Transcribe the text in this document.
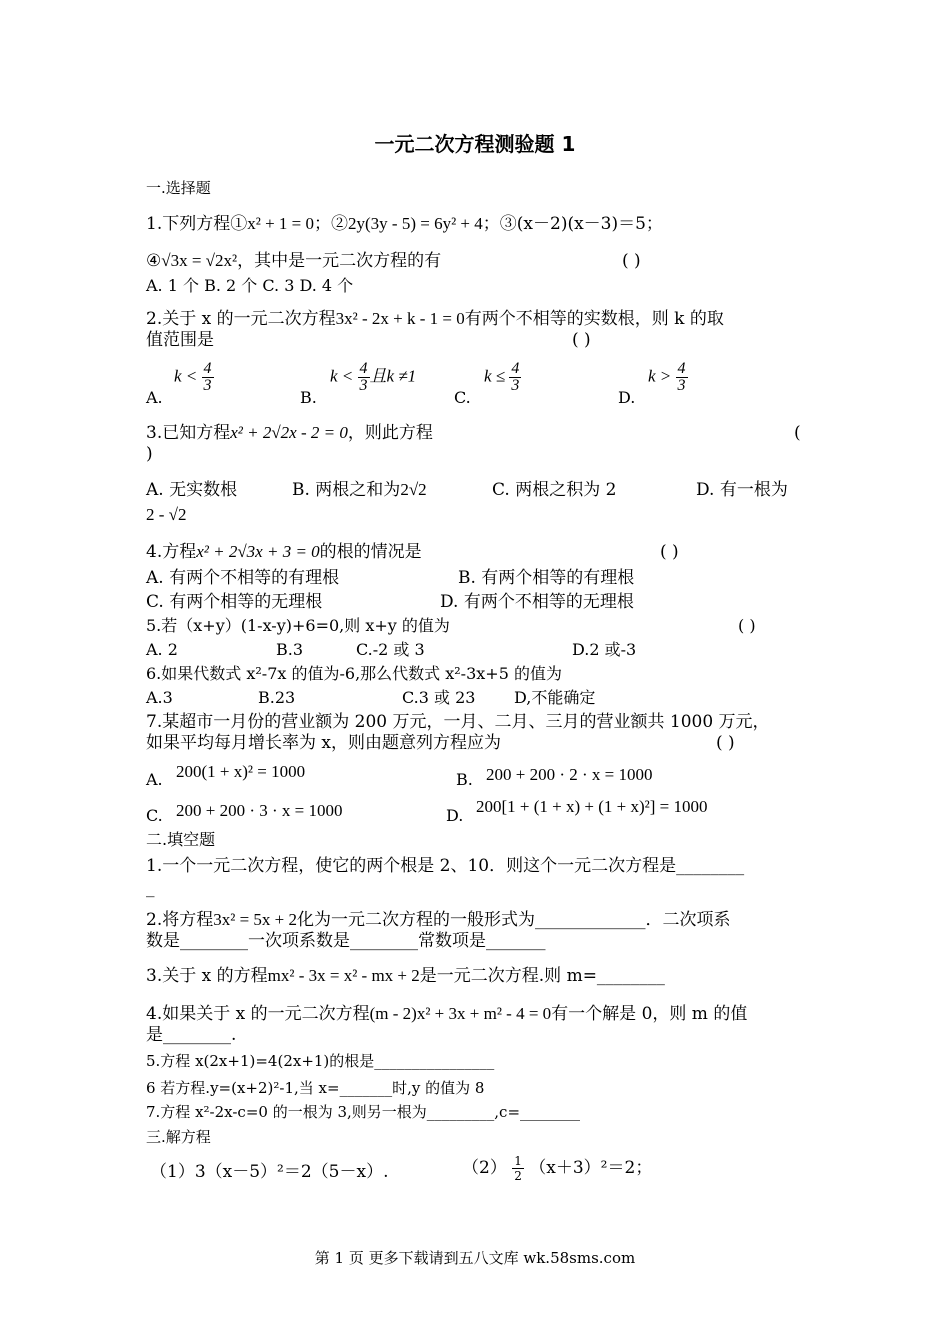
一元二次方程测验题 1
一.选择题
1.下列方程①x² + 1 = 0；②2y(3y - 5) = 6y² + 4；③(x－2)(x－3)＝5；
④√3x = √2x²，其中是一元二次方程的有	( )
A. 1 个 B. 2 个 C. 3 D. 4 个
2.关于 x 的一元二次方程3x² - 2x + k - 1 = 0有两个不相等的实数根，则 k 的取
值范围是	( )
A.
$k < \frac{4}{3}$
B.
$k < \frac{4}{3}$ 且k ≠1
C.
$k \le \frac{4}{3}$
D.
$k > \frac{4}{3}$
3.已知方程x² + 2√2x - 2 = 0，则此方程	(
)
A. 无实数根	B. 两根之和为2√2	C. 两根之积为 2	D. 有一根为
2 - √2
4.方程x² + 2√3x + 3 = 0的根的情况是	( )
A. 有两个不相等的有理根	B. 有两个相等的有理根
C. 有两个相等的无理根	D. 有两个不相等的无理根
5.若（x+y）(1-x-y)+6=0,则 x+y 的值为	( )
A. 2	B.3	C.-2 或 3	D.2 或-3
6.如果代数式 x²-7x 的值为-6,那么代数式 x²-3x+5 的值为
A.3	B.23	C.3 或 23 D,不能确定
7.某超市一月份的营业额为 200 万元，一月、二月、三月的营业额共 1000 万元，
如果平均每月增长率为 x，则由题意列方程应为	( )
A. 200(1 + x)² = 1000	B. 200 + 200 · 2 · x = 1000
C. 200 + 200 · 3 · x = 1000	D. 200[1 + (1 + x) + (1 + x)²] = 1000
二.填空题
1.一个一元二次方程，使它的两个根是 2、10．则这个一元二次方程是________
_
2.将方程3x² = 5x + 2化为一元二次方程的一般形式为_____________．二次项系
数是________一次项系数是________常数项是_______
3.关于 x 的方程mx² - 3x = x² - mx + 2是一元二次方程.则 m=________
4.如果关于 x 的一元二次方程(m - 2)x² + 3x + m² - 4 = 0有一个解是 0，则 m 的值
是________.
5.方程 x(2x+1)=4(2x+1)的根是________________
6 若方程.y=(x+2)²-1,当 x=_______时,y 的值为 8
7.方程 x²-2x-c=0 的一根为 3,则另一根为_________,c=________
三.解方程
（1）3（x－5）²＝2（5－x）.	$(2) \frac{1}{2} (x+3)^2=2$；
第 1 页 更多下载请到五八文库 wk.58sms.com
